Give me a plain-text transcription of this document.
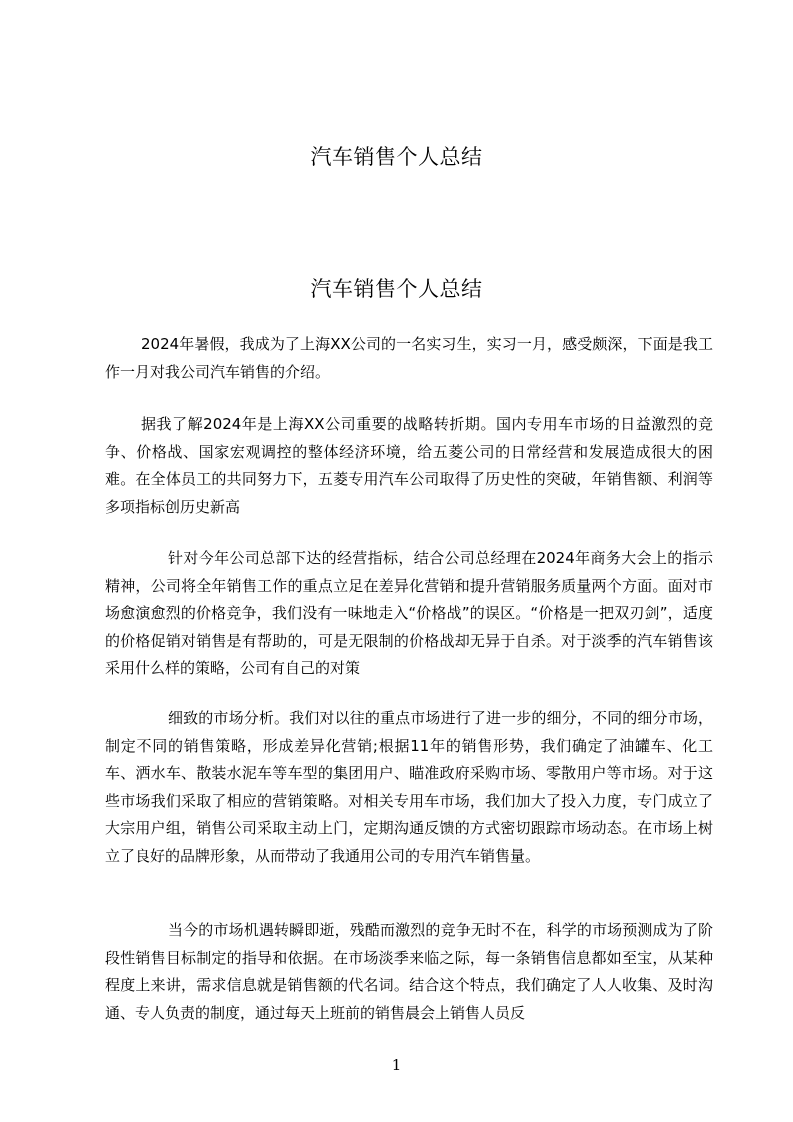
汽车销售个人总结
汽车销售个人总结

2024年暑假，我成为了上海XX公司的一名实习生，实习一月，感受颇深，下面是我工作一月对我公司汽车销售的介绍。

据我了解2024年是上海XX公司重要的战略转折期。国内专用车市场的日益激烈的竞争、价格战、国家宏观调控的整体经济环境，给五菱公司的日常经营和发展造成很大的困难。在全体员工的共同努力下，五菱专用汽车公司取得了历史性的突破，年销售额、利润等多项指标创历史新高

针对今年公司总部下达的经营指标，结合公司总经理在2024年商务大会上的指示精神，公司将全年销售工作的重点立足在差异化营销和提升营销服务质量两个方面。面对市场愈演愈烈的价格竞争，我们没有一味地走入“价格战”的误区。“价格是一把双刃剑”，适度的价格促销对销售是有帮助的，可是无限制的价格战却无异于自杀。对于淡季的汽车销售该采用什么样的策略，公司有自己的对策

细致的市场分析。我们对以往的重点市场进行了进一步的细分，不同的细分市场，制定不同的销售策略，形成差异化营销;根据11年的销售形势，我们确定了油罐车、化工车、洒水车、散装水泥车等车型的集团用户、瞄准政府采购市场、零散用户等市场。对于这些市场我们采取了相应的营销策略。对相关专用车市场，我们加大了投入力度，专门成立了大宗用户组，销售公司采取主动上门，定期沟通反馈的方式密切跟踪市场动态。在市场上树立了良好的品牌形象，从而带动了我通用公司的专用汽车销售量。

当今的市场机遇转瞬即逝，残酷而激烈的竞争无时不在，科学的市场预测成为了阶段性销售目标制定的指导和依据。在市场淡季来临之际，每一条销售信息都如至宝，从某种程度上来讲，需求信息就是销售额的代名词。结合这个特点，我们确定了人人收集、及时沟通、专人负责的制度，通过每天上班前的销售晨会上销售人员反

1
